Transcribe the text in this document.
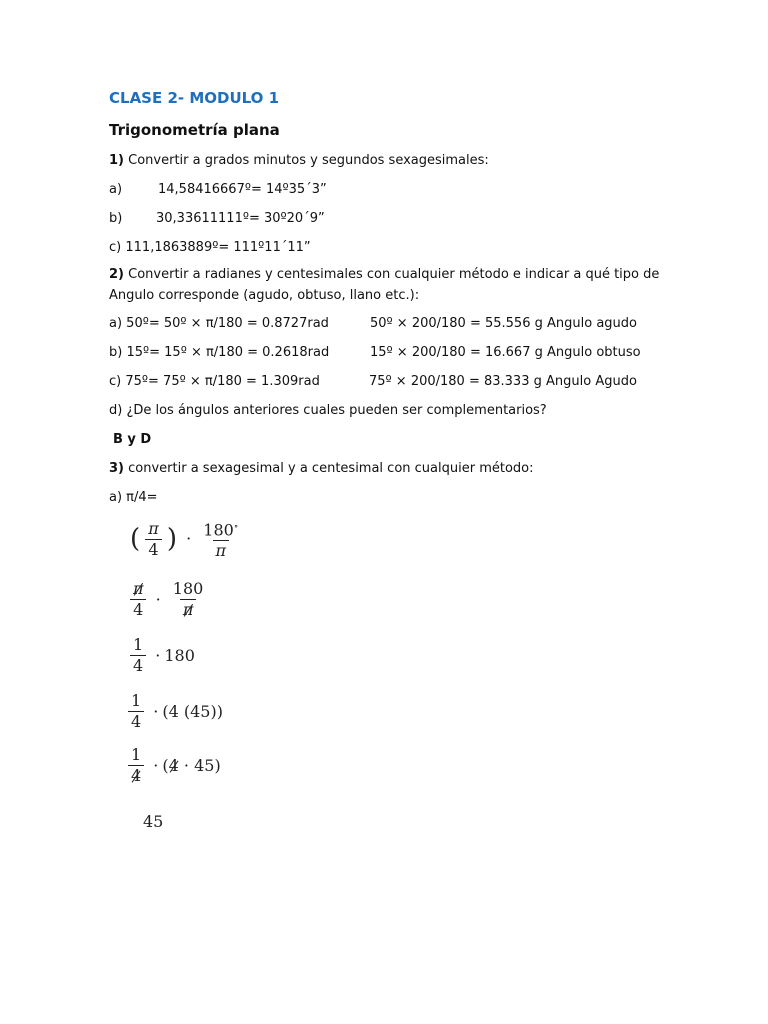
CLASE 2- MODULO 1
Trigonometría plana
1) Convertir a grados minutos y segundos sexagesimales:
a)	14,58416667º= 14º35´3”
b)	30,33611111º= 30º20´9”
c) 111,1863889º= 111º11´11”
2) Convertir a radianes y centesimales con cualquier método e indicar a qué tipo de
Angulo corresponde (agudo, obtuso, llano etc.):
a) 50º= 50º × π/180 = 0.8727rad	50º × 200/180 = 55.556 g Angulo agudo
b) 15º= 15º × π/180 = 0.2618rad	15º × 200/180 = 16.667 g Angulo obtuso
c) 75º= 75º × π/180 = 1.309rad	75º × 200/180 = 83.333 g Angulo Agudo
d) ¿De los ángulos anteriores cuales pueden ser complementarios?
B y D
3) convertir a sexagesimal y a centesimal con cualquier método:
a) π/4=
( $\frac{\pi}{4}$ ) · $\frac{180^\circ}{\pi}$
$\frac{\pi}{4} \cdot \frac{180}{\pi}$
$\frac{1}{4} \cdot 180$
$\frac{1}{4} \cdot (4$ (45))
$\frac{1}{4} \cdot (4 \cdot 45)$
45
